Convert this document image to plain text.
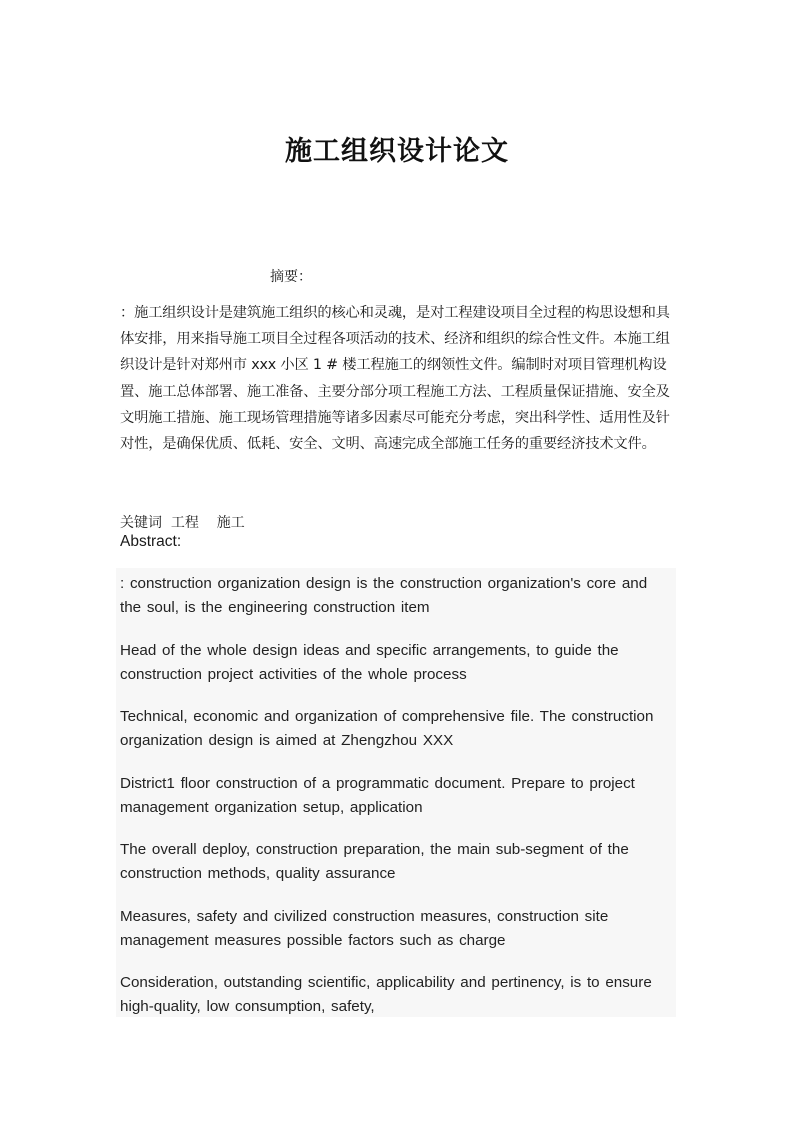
施工组织设计论文
摘要：

：施工组织设计是建筑施工组织的核心和灵魂，是对工程建设项目全过程的构思设想和具体安排，用来指导施工项目全过程各项活动的技术、经济和组织的综合性文件。本施工组织设计是针对郑州市 xxx 小区 1 # 楼工程施工的纲领性文件。编制时对项目管理机构设置、施工总体部署、施工准备、主要分部分项工程施工方法、工程质量保证措施、安全及文明施工措施、施工现场管理措施等诸多因素尽可能充分考虑，突出科学性、适用性及针对性，是确保优质、低耗、安全、文明、高速完成全部施工任务的重要经济技术文件。

关键词  工程    施工
Abstract:

: construction organization design is the construction organization's core and the soul, is the engineering construction item

Head of the whole design ideas and specific arrangements, to guide the construction project activities of the whole process

Technical, economic and organization of comprehensive file. The construction organization design is aimed at Zhengzhou XXX

District1 floor construction of a programmatic document. Prepare to project management organization setup, application

The overall deploy, construction preparation, the main sub-segment of the construction methods, quality assurance

Measures, safety and civilized construction measures, construction site management measures possible factors such as charge

Consideration, outstanding scientific, applicability and pertinency, is to ensure high-quality, low consumption, safety,
